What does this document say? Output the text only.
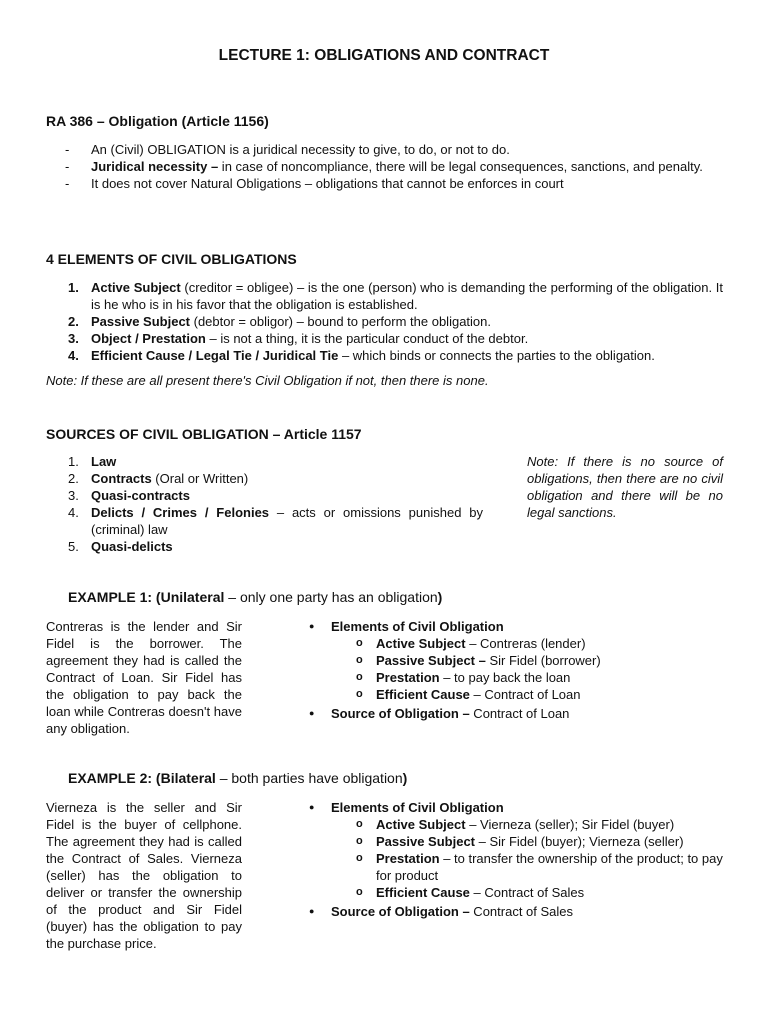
LECTURE 1: OBLIGATIONS AND CONTRACT
RA 386 – Obligation (Article 1156)
- An (Civil) OBLIGATION is a juridical necessity to give, to do, or not to do.
- Juridical necessity – in case of noncompliance, there will be legal consequences, sanctions, and penalty.
- It does not cover Natural Obligations – obligations that cannot be enforces in court
4 ELEMENTS OF CIVIL OBLIGATIONS
1. Active Subject (creditor = obligee) – is the one (person) who is demanding the performing of the obligation. It is he who is in his favor that the obligation is established.
2. Passive Subject (debtor = obligor) – bound to perform the obligation.
3. Object / Prestation – is not a thing, it is the particular conduct of the debtor.
4. Efficient Cause / Legal Tie / Juridical Tie – which binds or connects the parties to the obligation.
Note: If these are all present there's Civil Obligation if not, then there is none.
SOURCES OF CIVIL OBLIGATION – Article 1157
1. Law
2. Contracts (Oral or Written)
3. Quasi-contracts
4. Delicts / Crimes / Felonies – acts or omissions punished by (criminal) law
5. Quasi-delicts
Note: If there is no source of obligations, then there are no civil obligation and there will be no legal sanctions.
EXAMPLE 1: (Unilateral – only one party has an obligation)
Contreras is the lender and Sir Fidel is the borrower. The agreement they had is called the Contract of Loan. Sir Fidel has the obligation to pay back the loan while Contreras doesn't have any obligation.
● Elements of Civil Obligation
o Active Subject – Contreras (lender)
o Passive Subject – Sir Fidel (borrower)
o Prestation – to pay back the loan
o Efficient Cause – Contract of Loan
● Source of Obligation – Contract of Loan
EXAMPLE 2: (Bilateral – both parties have obligation)
Vierneza is the seller and Sir Fidel is the buyer of cellphone. The agreement they had is called the Contract of Sales. Vierneza (seller) has the obligation to deliver or transfer the ownership of the product and Sir Fidel (buyer) has the obligation to pay the purchase price.
● Elements of Civil Obligation
o Active Subject – Vierneza (seller); Sir Fidel (buyer)
o Passive Subject – Sir Fidel (buyer); Vierneza (seller)
o Prestation – to transfer the ownership of the product; to pay for product
o Efficient Cause – Contract of Sales
● Source of Obligation – Contract of Sales
